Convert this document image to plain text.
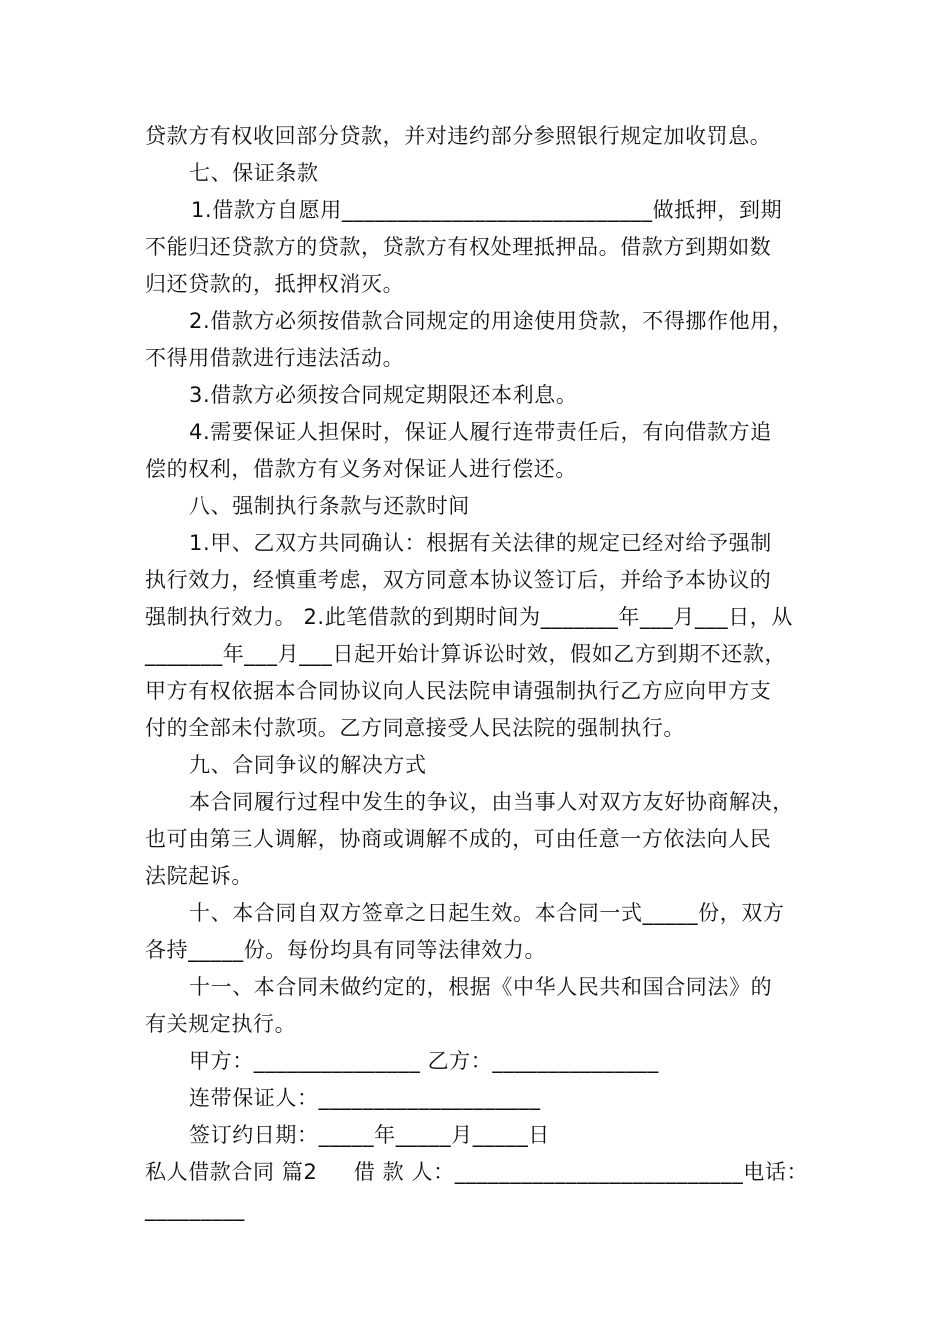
贷款方有权收回部分贷款，并对违约部分参照银行规定加收罚息。
七、保证条款
1.借款方自愿用____________________________做抵押，到期
不能归还贷款方的贷款，贷款方有权处理抵押品。借款方到期如数
归还贷款的，抵押权消灭。
2.借款方必须按借款合同规定的用途使用贷款，不得挪作他用，
不得用借款进行违法活动。
3.借款方必须按合同规定期限还本利息。
4.需要保证人担保时，保证人履行连带责任后，有向借款方追
偿的权利，借款方有义务对保证人进行偿还。
八、强制执行条款与还款时间
1.甲、乙双方共同确认：根据有关法律的规定已经对给予强制
执行效力，经慎重考虑，双方同意本协议签订后，并给予本协议的
强制执行效力。 2.此笔借款的到期时间为_______年___月___日，从
_______年___月___日起开始计算诉讼时效，假如乙方到期不还款，
甲方有权依据本合同协议向人民法院申请强制执行乙方应向甲方支
付的全部未付款项。乙方同意接受人民法院的强制执行。
九、合同争议的解决方式
本合同履行过程中发生的争议，由当事人对双方友好协商解决，
也可由第三人调解，协商或调解不成的，可由任意一方依法向人民
法院起诉。
十、本合同自双方签章之日起生效。本合同一式_____份，双方
各持_____份。每份均具有同等法律效力。
十一、本合同未做约定的，根据《中华人民共和国合同法》的
有关规定执行。
甲方：_______________ 乙方：_______________
连带保证人：____________________
签订约日期：_____年_____月_____日
私人借款合同 篇2     借 款 人：__________________________电话：
_________
